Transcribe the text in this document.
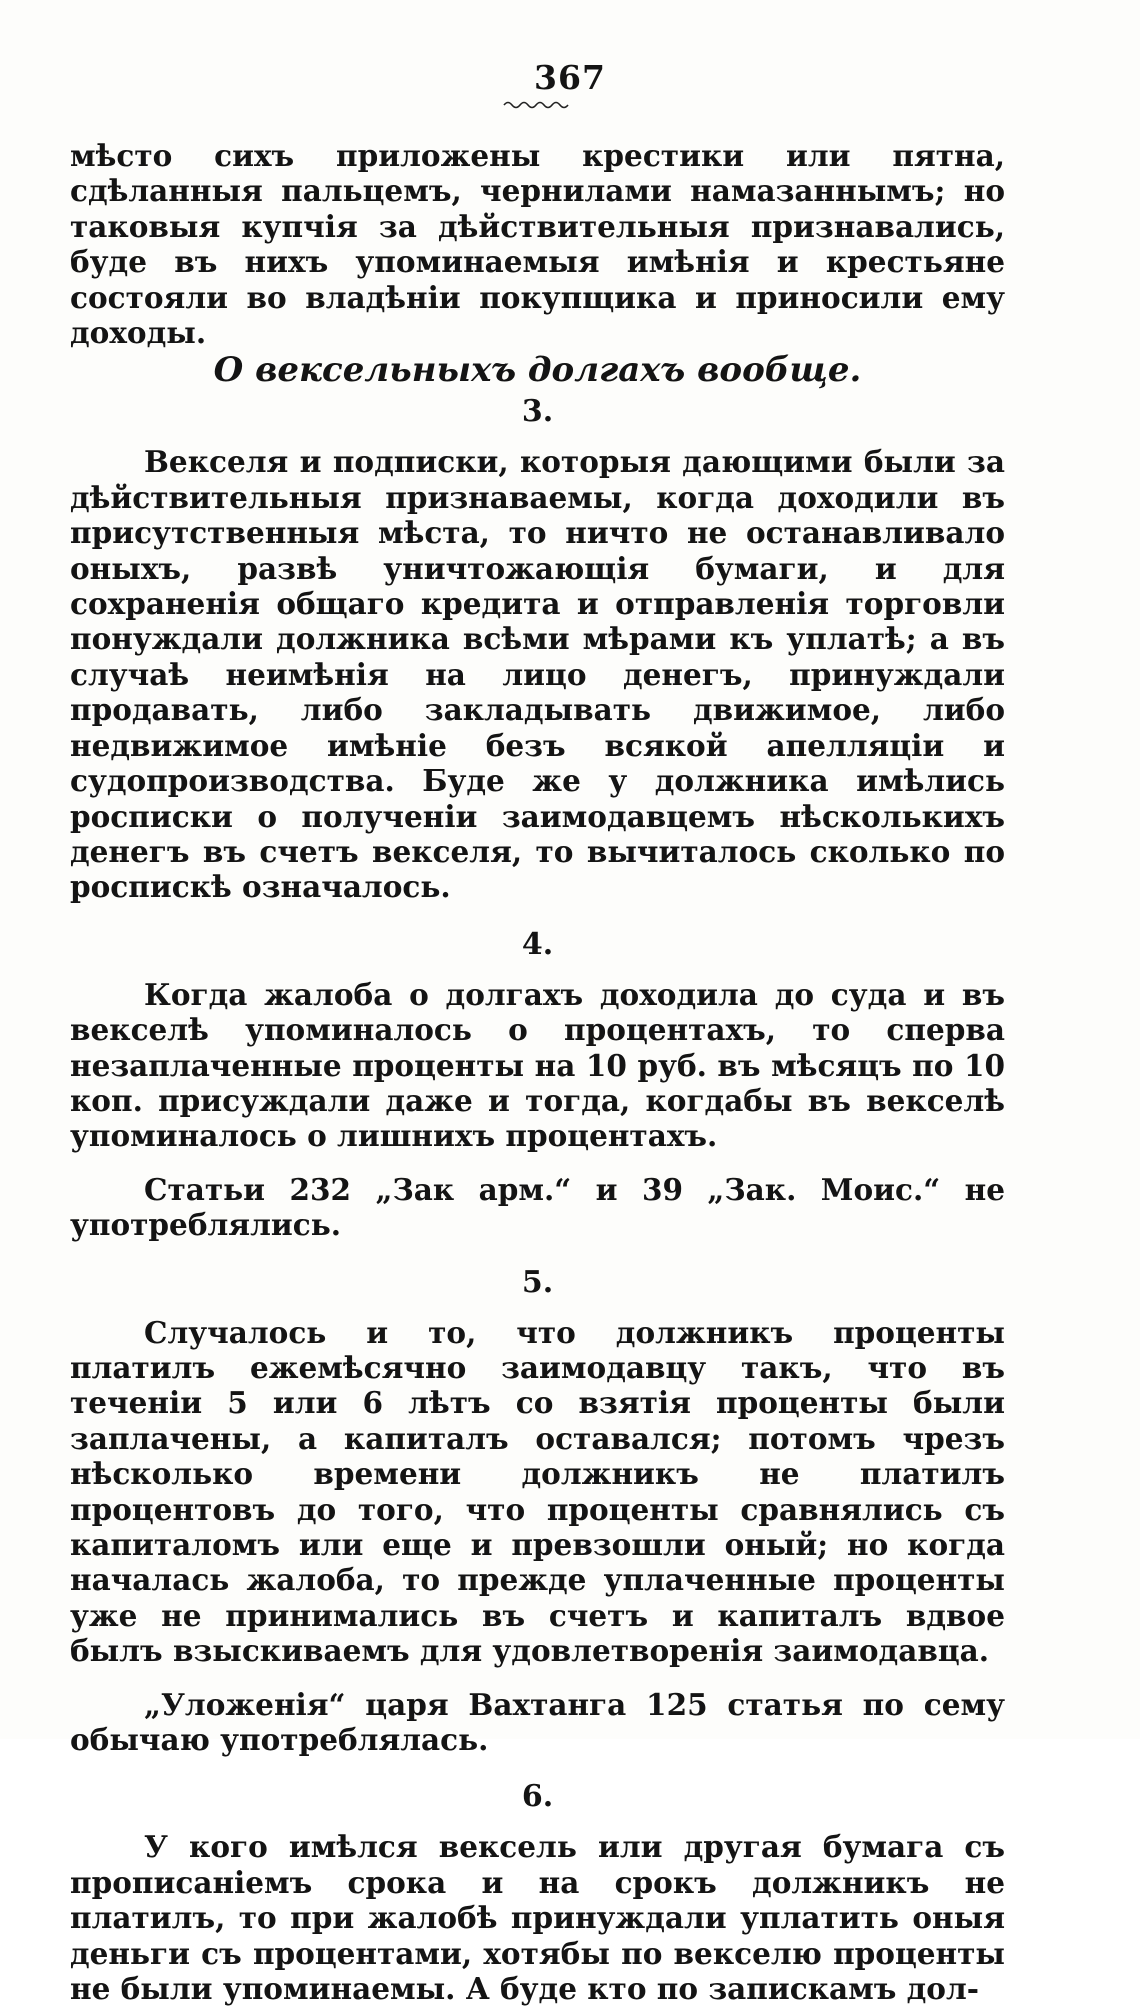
367

мѣсто сихъ приложены крестики или пятна, сдѣланныя пальцемъ, чернилами намазаннымъ; но таковыя купчія за дѣйствительныя признавались, буде въ нихъ упоминаемыя имѣнія и крестьяне состояли во владѣніи покупщика и приносили ему доходы.

О вексельныхъ долгахъ вообще.

3.

Векселя и подписки, которыя дающими были за дѣйствительныя признаваемы, когда доходили въ присутственныя мѣста, то ничто не останавливало оныхъ, развѣ уничтожающія бумаги, и для сохраненія общаго кредита и отправленія торговли понуждали должника всѣми мѣрами къ уплатѣ; а въ случаѣ неимѣнія на лицо денегъ, принуждали продавать, либо закладывать движимое, либо недвижимое имѣніе безъ всякой апелляціи и судопроизводства. Буде же у должника имѣлись росписки о полученіи заимодавцемъ нѣсколькихъ денегъ въ счетъ векселя, то вычиталось сколько по роспискѣ означалось.

4.

Когда жалоба о долгахъ доходила до суда и въ векселѣ упоминалось о процентахъ, то сперва незаплаченные проценты на 10 руб. въ мѣсяцъ по 10 коп. присуждали даже и тогда, когдабы въ векселѣ упоминалось о лишнихъ процентахъ.

Статьи 232 „Зак арм.“ и 39 „Зак. Моис.“ не употреблялись.

5.

Случалось и то, что должникъ проценты платилъ ежемѣсячно заимодавцу такъ, что въ теченіи 5 или 6 лѣтъ со взятія проценты были заплачены, а капиталъ оставался; потомъ чрезъ нѣсколько времени должникъ не платилъ процентовъ до того, что проценты сравнялись съ капиталомъ или еще и превзошли оный; но когда началась жалоба, то прежде уплаченные проценты уже не принимались въ счетъ и капиталъ вдвое былъ взыскиваемъ для удовлетворенія заимодавца.

„Уложенія“ царя Вахтанга 125 статья по сему обычаю употреблялась.

6.

У кого имѣлся вексель или другая бумага съ прописаніемъ срока и на срокъ должникъ не платилъ, то при жалобѣ принуждали уплатить оныя деньги съ процентами, хотябы по векселю проценты не были упоминаемы. А буде кто по запискамъ дол-
